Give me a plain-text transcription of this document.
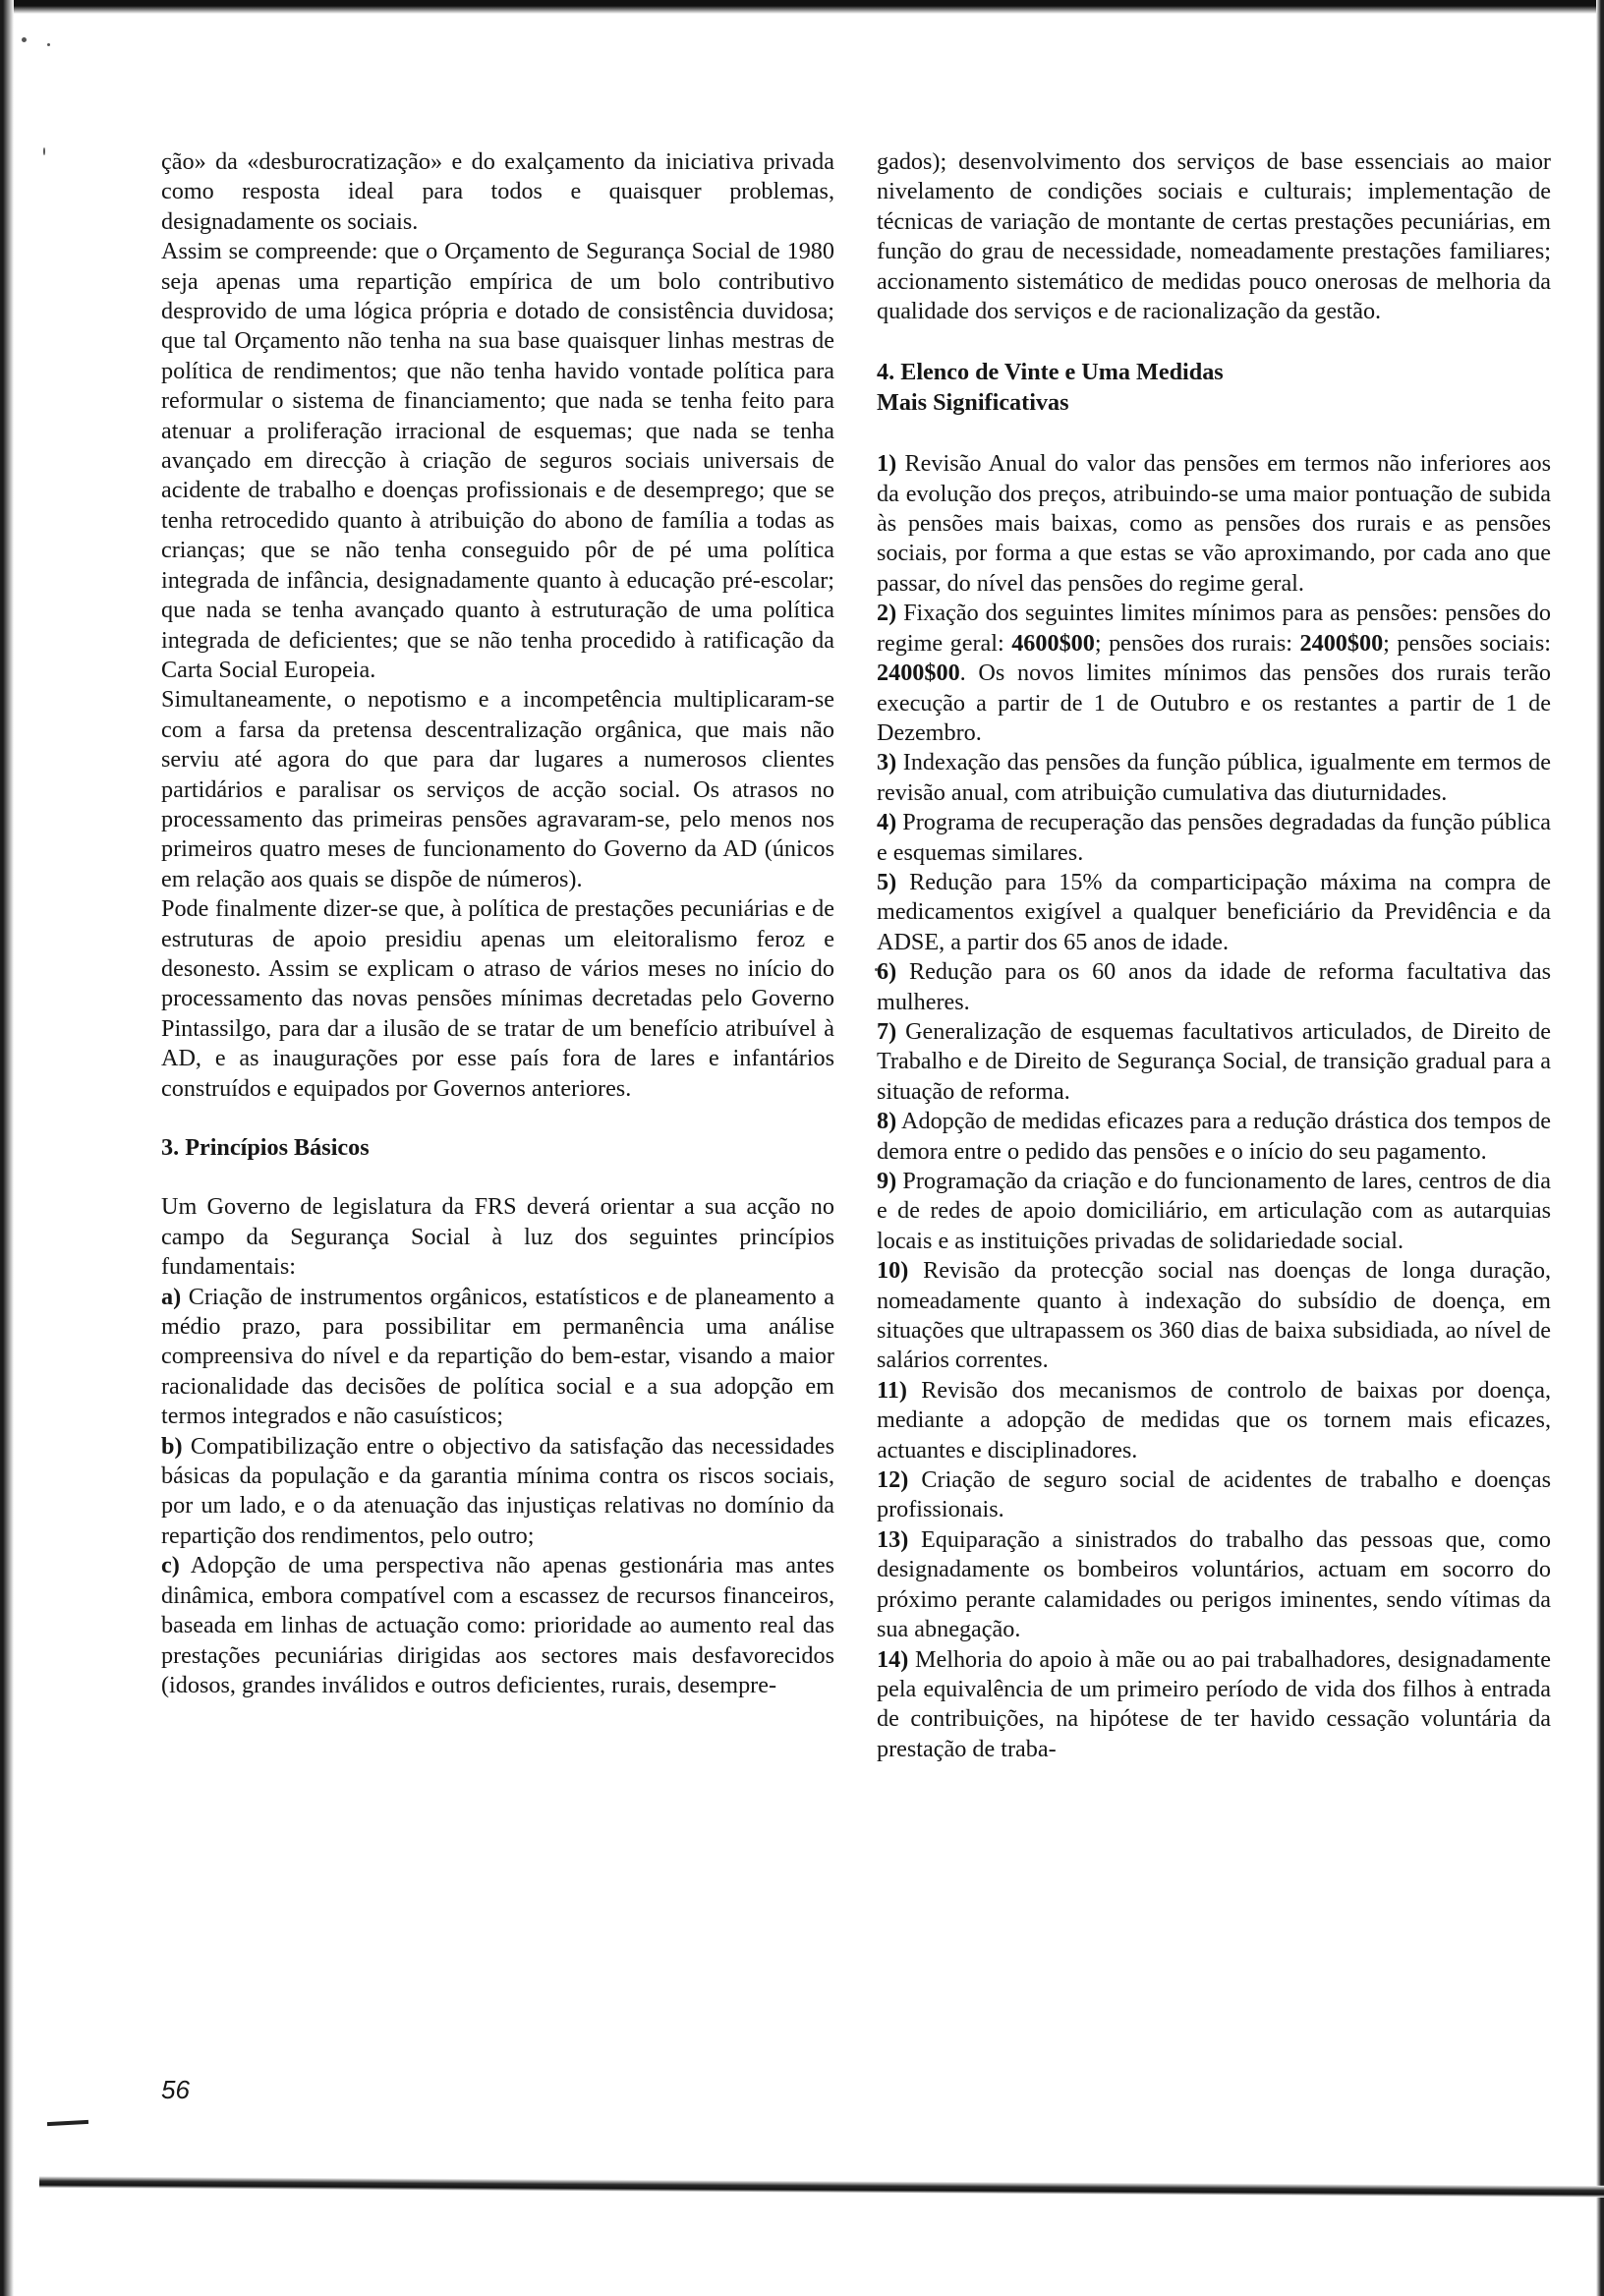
ção» da «desburocratização» e do exalçamento da iniciativa privada como resposta ideal para todos e quaisquer problemas, designadamente os sociais.

Assim se compreende: que o Orçamento de Segurança Social de 1980 seja apenas uma repartição empírica de um bolo contributivo desprovido de uma lógica própria e dotado de consistência duvidosa; que tal Orçamento não tenha na sua base quaisquer linhas mestras de política de rendimentos; que não tenha havido vontade política para reformular o sistema de financiamento; que nada se tenha feito para atenuar a proliferação irracional de esquemas; que nada se tenha avançado em direcção à criação de seguros sociais universais de acidente de trabalho e doenças profissionais e de desemprego; que se tenha retrocedido quanto à atribuição do abono de família a todas as crianças; que se não tenha conseguido pôr de pé uma política integrada de infância, designadamente quanto à educação pré-escolar; que nada se tenha avançado quanto à estruturação de uma política integrada de deficientes; que se não tenha procedido à ratificação da Carta Social Europeia.

Simultaneamente, o nepotismo e a incompetência multiplicaram-se com a farsa da pretensa descentralização orgânica, que mais não serviu até agora do que para dar lugares a numerosos clientes partidários e paralisar os serviços de acção social. Os atrasos no processamento das primeiras pensões agravaram-se, pelo menos nos primeiros quatro meses de funcionamento do Governo da AD (únicos em relação aos quais se dispõe de números).

Pode finalmente dizer-se que, à política de prestações pecuniárias e de estruturas de apoio presidiu apenas um eleitoralismo feroz e desonesto. Assim se explicam o atraso de vários meses no início do processamento das novas pensões mínimas decretadas pelo Governo Pintassilgo, para dar a ilusão de se tratar de um benefício atribuível à AD, e as inaugurações por esse país fora de lares e infantários construídos e equipados por Governos anteriores.

3. Princípios Básicos

Um Governo de legislatura da FRS deverá orientar a sua acção no campo da Segurança Social à luz dos seguintes princípios fundamentais:

a) Criação de instrumentos orgânicos, estatísticos e de planeamento a médio prazo, para possibilitar em permanência uma análise compreensiva do nível e da repartição do bem-estar, visando a maior racionalidade das decisões de política social e a sua adopção em termos integrados e não casuísticos;

b) Compatibilização entre o objectivo da satisfação das necessidades básicas da população e da garantia mínima contra os riscos sociais, por um lado, e o da atenuação das injustiças relativas no domínio da repartição dos rendimentos, pelo outro;

c) Adopção de uma perspectiva não apenas gestionária mas antes dinâmica, embora compatível com a escassez de recursos financeiros, baseada em linhas de actuação como: prioridade ao aumento real das prestações pecuniárias dirigidas aos sectores mais desfavorecidos (idosos, grandes inválidos e outros deficientes, rurais, desempre-

gados); desenvolvimento dos serviços de base essenciais ao maior nivelamento de condições sociais e culturais; implementação de técnicas de variação de montante de certas prestações pecuniárias, em função do grau de necessidade, nomeadamente prestações familiares; accionamento sistemático de medidas pouco onerosas de melhoria da qualidade dos serviços e de racionalização da gestão.

4. Elenco de Vinte e Uma Medidas
Mais Significativas

1) Revisão Anual do valor das pensões em termos não inferiores aos da evolução dos preços, atribuindo-se uma maior pontuação de subida às pensões mais baixas, como as pensões dos rurais e as pensões sociais, por forma a que estas se vão aproximando, por cada ano que passar, do nível das pensões do regime geral.

2) Fixação dos seguintes limites mínimos para as pensões: pensões do regime geral: 4600$00; pensões dos rurais: 2400$00; pensões sociais: 2400$00. Os novos limites mínimos das pensões dos rurais terão execução a partir de 1 de Outubro e os restantes a partir de 1 de Dezembro.

3) Indexação das pensões da função pública, igualmente em termos de revisão anual, com atribuição cumulativa das diuturnidades.

4) Programa de recuperação das pensões degradadas da função pública e esquemas similares.

5) Redução para 15% da comparticipação máxima na compra de medicamentos exigível a qualquer beneficiário da Previdência e da ADSE, a partir dos 65 anos de idade.

6) Redução para os 60 anos da idade de reforma facultativa das mulheres.

7) Generalização de esquemas facultativos articulados, de Direito de Trabalho e de Direito de Segurança Social, de transição gradual para a situação de reforma.

8) Adopção de medidas eficazes para a redução drástica dos tempos de demora entre o pedido das pensões e o início do seu pagamento.

9) Programação da criação e do funcionamento de lares, centros de dia e de redes de apoio domiciliário, em articulação com as autarquias locais e as instituições privadas de solidariedade social.

10) Revisão da protecção social nas doenças de longa duração, nomeadamente quanto à indexação do subsídio de doença, em situações que ultrapassem os 360 dias de baixa subsidiada, ao nível de salários correntes.

11) Revisão dos mecanismos de controlo de baixas por doença, mediante a adopção de medidas que os tornem mais eficazes, actuantes e disciplinadores.

12) Criação de seguro social de acidentes de trabalho e doenças profissionais.

13) Equiparação a sinistrados do trabalho das pessoas que, como designadamente os bombeiros voluntários, actuam em socorro do próximo perante calamidades ou perigos iminentes, sendo vítimas da sua abnegação.

14) Melhoria do apoio à mãe ou ao pai trabalhadores, designadamente pela equivalência de um primeiro período de vida dos filhos à entrada de contribuições, na hipótese de ter havido cessação voluntária da prestação de traba-

56
